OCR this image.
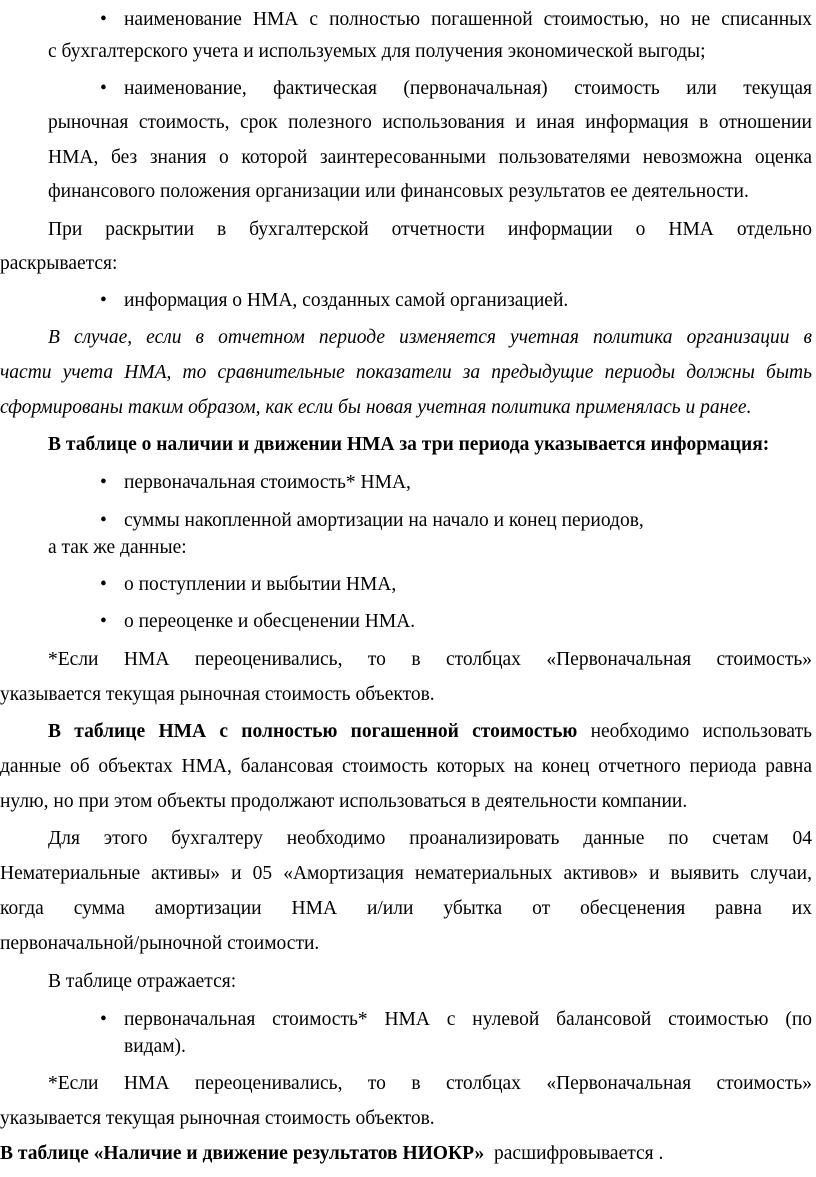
• наименование НМА с полностью погашенной стоимостью, но не списанных
с бухгалтерского учета и используемых для получения экономической выгоды;
• наименование, фактическая (первоначальная) стоимость или текущая
рыночная стоимость, срок полезного использования и иная информация в отношении
НМА, без знания о которой заинтересованными пользователями невозможна оценка
финансового положения организации или финансовых результатов ее деятельности.
При раскрытии в бухгалтерской отчетности информации о НМА отдельно
раскрывается:
• информация о НМА, созданных самой организацией.
В случае, если в отчетном периоде изменяется учетная политика организации в
части учета НМА, то сравнительные показатели за предыдущие периоды должны быть
сформированы таким образом, как если бы новая учетная политика применялась и ранее.
В таблице о наличии и движении НМА за три периода указывается информация:
• первоначальная стоимость* НМА,
• суммы накопленной амортизации на начало и конец периодов,
а так же данные:
• о поступлении и выбытии НМА,
• о переоценке и обесценении НМА.
*Если НМА переоценивались, то в столбцах «Первоначальная стоимость»
указывается текущая рыночная стоимость объектов.
В таблице НМА с полностью погашенной стоимостью необходимо использовать
данные об объектах НМА, балансовая стоимость которых на конец отчетного периода равна
нулю, но при этом объекты продолжают использоваться в деятельности компании.
Для этого бухгалтеру необходимо проанализировать данные по счетам 04
Нематериальные активы» и 05 «Амортизация нематериальных активов» и выявить случаи,
когда сумма амортизации НМА и/или убытка от обесценения равна их
первоначальной/рыночной стоимости.
В таблице отражается:
• первоначальная стоимость* НМА с нулевой балансовой стоимостью (по
видам).
*Если НМА переоценивались, то в столбцах «Первоначальная стоимость»
указывается текущая рыночная стоимость объектов.
В таблице «Наличие и движение результатов НИОКР» расшифровывается .
